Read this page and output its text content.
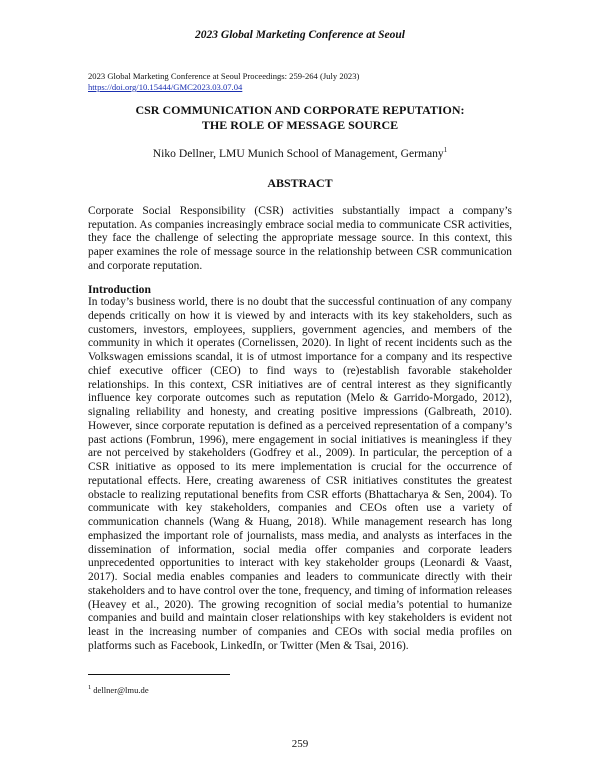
2023 Global Marketing Conference at Seoul
2023 Global Marketing Conference at Seoul Proceedings: 259-264 (July 2023)
https://doi.org/10.15444/GMC2023.03.07.04
CSR COMMUNICATION AND CORPORATE REPUTATION:
THE ROLE OF MESSAGE SOURCE
Niko Dellner, LMU Munich School of Management, Germany$^1$
ABSTRACT
Corporate Social Responsibility (CSR) activities substantially impact a company’s reputation. As companies increasingly embrace social media to communicate CSR activities, they face the challenge of selecting the appropriate message source. In this context, this paper examines the role of message source in the relationship between CSR communication and corporate reputation.
Introduction
In today’s business world, there is no doubt that the successful continuation of any company depends critically on how it is viewed by and interacts with its key stakeholders, such as customers, investors, employees, suppliers, government agencies, and members of the community in which it operates (Cornelissen, 2020). In light of recent incidents such as the Volkswagen emissions scandal, it is of utmost importance for a company and its respective chief executive officer (CEO) to find ways to (re)establish favorable stakeholder relationships. In this context, CSR initiatives are of central interest as they significantly influence key corporate outcomes such as reputation (Melo & Garrido-Morgado, 2012), signaling reliability and honesty, and creating positive impressions (Galbreath, 2010). However, since corporate reputation is defined as a perceived representation of a company’s past actions (Fombrun, 1996), mere engagement in social initiatives is meaningless if they are not perceived by stakeholders (Godfrey et al., 2009). In particular, the perception of a CSR initiative as opposed to its mere implementation is crucial for the occurrence of reputational effects. Here, creating awareness of CSR initiatives constitutes the greatest obstacle to realizing reputational benefits from CSR efforts (Bhattacharya & Sen, 2004). To communicate with key stakeholders, companies and CEOs often use a variety of communication channels (Wang & Huang, 2018). While management research has long emphasized the important role of journalists, mass media, and analysts as interfaces in the dissemination of information, social media offer companies and corporate leaders unprecedented opportunities to interact with key stakeholder groups (Leonardi & Vaast, 2017). Social media enables companies and leaders to communicate directly with their stakeholders and to have control over the tone, frequency, and timing of information releases (Heavey et al., 2020). The growing recognition of social media’s potential to humanize companies and build and maintain closer relationships with key stakeholders is evident not least in the increasing number of companies and CEOs with social media profiles on platforms such as Facebook, LinkedIn, or Twitter (Men & Tsai, 2016).
$^1$ dellner@lmu.de
259
